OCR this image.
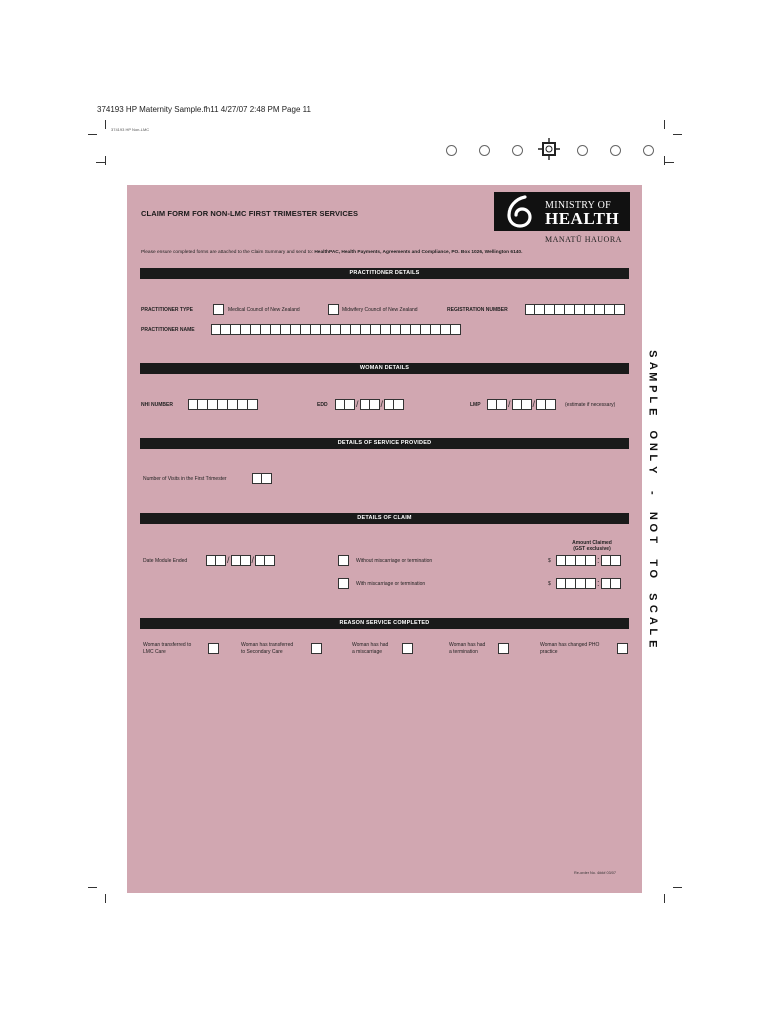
374193 HP Maternity Sample.fh11 4/27/07 2:48 PM Page 11
374193 HP Non-LMC
CLAIM FORM FOR NON-LMC FIRST TRIMESTER SERVICES
MINISTRY OF
HEALTH
MANATŪ HAUORA
Please ensure completed forms are attached to the Claim Summary and send to: HealthPAC, Health Payments, Agreements and Compliance, PO. Box 1026, Wellington 6140.
PRACTITIONER DETAILS
PRACTITIONER TYPE	Medical Council of New Zealand	Midwifery Council of New Zealand	REGISTRATION NUMBER
PRACTITIONER NAME
WOMAN DETAILS
NHI NUMBER	EDD	/ /	LMP	/ /	(estimate if necessary)
DETAILS OF SERVICE PROVIDED
Number of Visits in the First Trimester
DETAILS OF CLAIM
Amount Claimed
(GST exclusive)
Date Module Ended	/ /	Without miscarriage or termination	$	:
With miscarriage or termination	$	:
REASON SERVICE COMPLETED
Woman transferred to
LMC Care
Woman has transferred
to Secondary Care
Woman has had
a miscarriage
Woman has had
a termination
Woman has changed PHO
practice
Re-order No. 4### 03/07
S
A
M
P
L
E
O
N
L
Y
-
N
O
T
T
O
S
C
A
L
E
